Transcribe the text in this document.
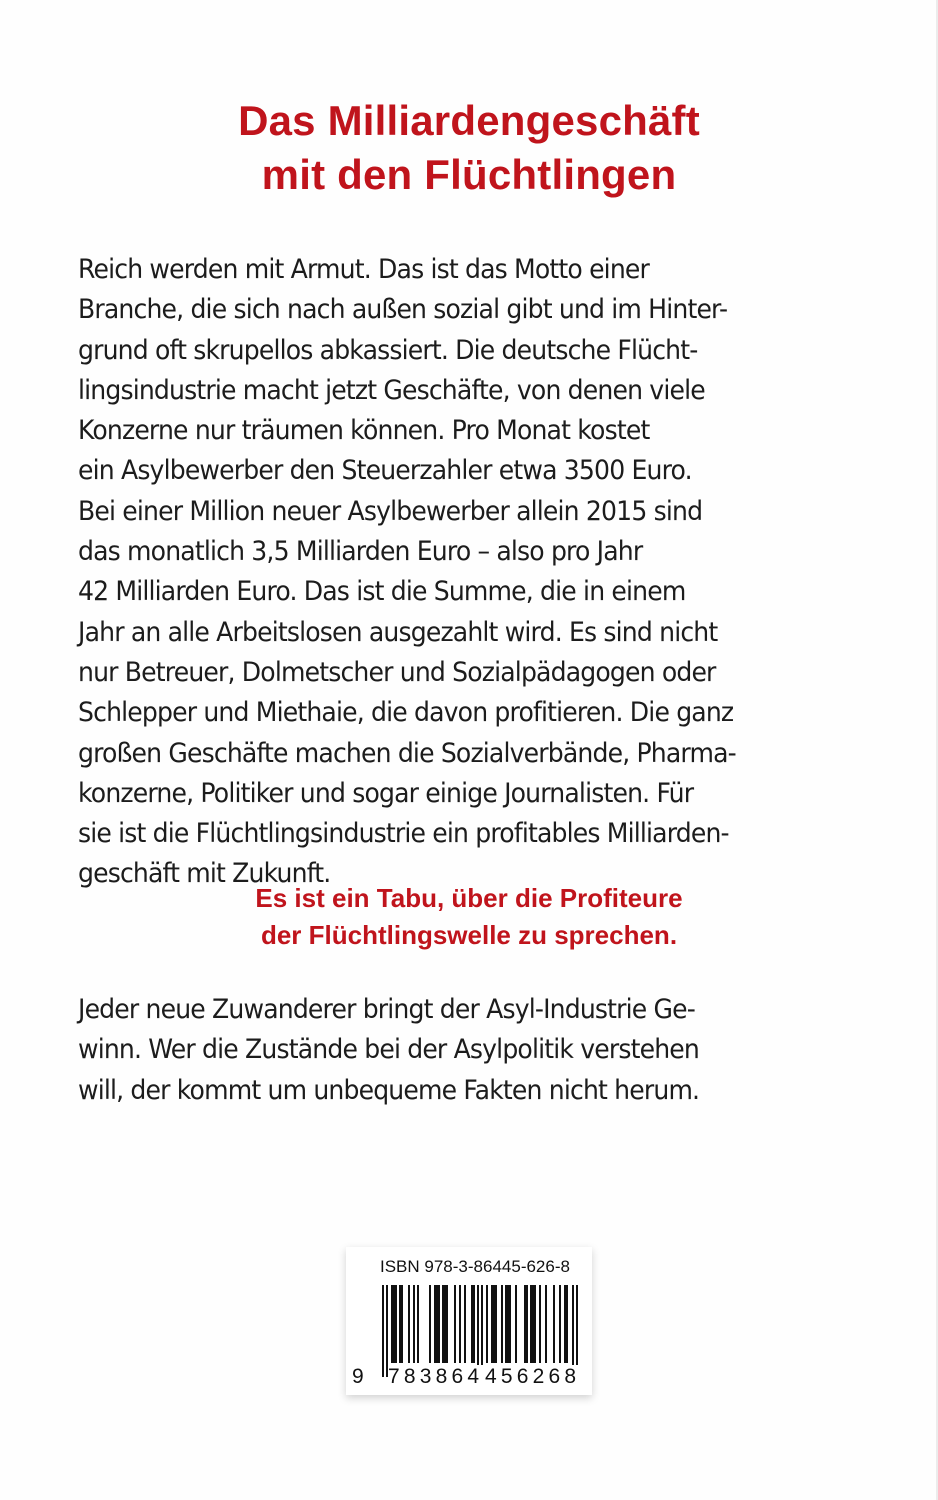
Das Milliardengeschäft
mit den Flüchtlingen
Reich werden mit Armut. Das ist das Motto einer
Branche, die sich nach außen sozial gibt und im Hinter-
grund oft skrupellos abkassiert. Die deutsche Flücht-
lingsindustrie macht jetzt Geschäfte, von denen viele
Konzerne nur träumen können. Pro Monat kostet
ein Asylbewerber den Steuerzahler etwa 3500 Euro.
Bei einer Million neuer Asylbewerber allein 2015 sind
das monatlich 3,5 Milliarden Euro – also pro Jahr
42 Milliarden Euro. Das ist die Summe, die in einem
Jahr an alle Arbeitslosen ausgezahlt wird. Es sind nicht
nur Betreuer, Dolmetscher und Sozialpädagogen oder
Schlepper und Miethaie, die davon profitieren. Die ganz
großen Geschäfte machen die Sozialverbände, Pharma-
konzerne, Politiker und sogar einige Journalisten. Für
sie ist die Flüchtlingsindustrie ein profitables Milliarden-
geschäft mit Zukunft.
Es ist ein Tabu, über die Profiteure
der Flüchtlingswelle zu sprechen.
Jeder neue Zuwanderer bringt der Asyl-Industrie Ge-
winn. Wer die Zustände bei der Asylpolitik verstehen
will, der kommt um unbequeme Fakten nicht herum.
ISBN 978-3-86445-626-8
9 783864 456268
